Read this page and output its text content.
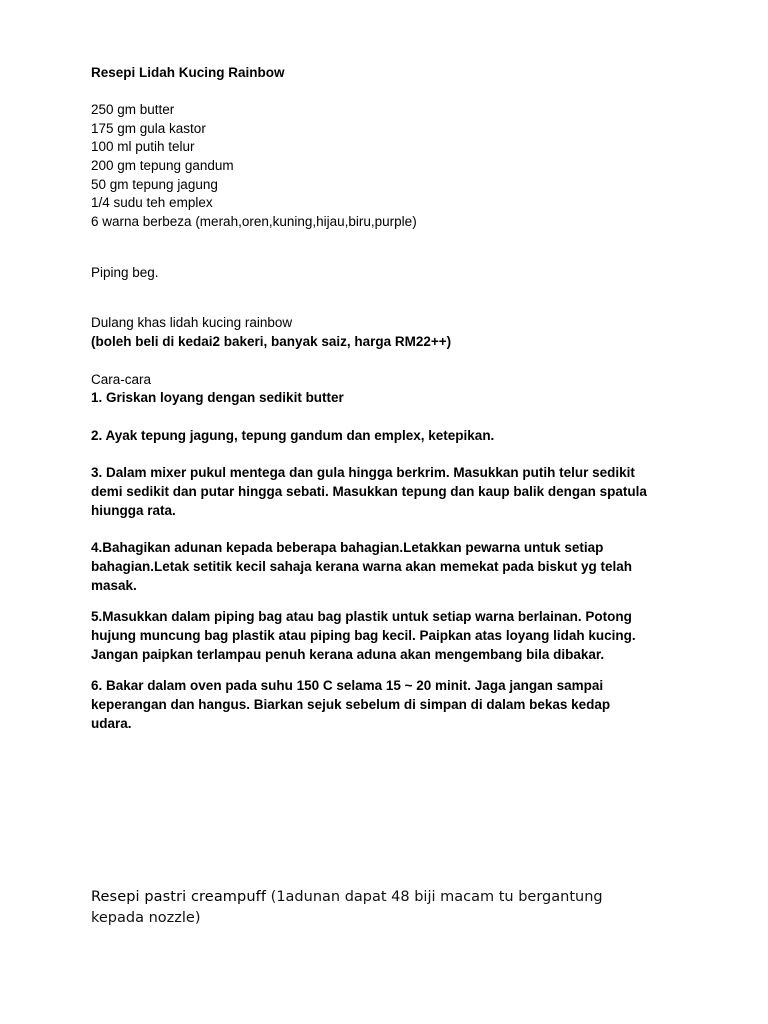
Resepi Lidah Kucing Rainbow
250 gm butter
175 gm gula kastor
100 ml putih telur
200 gm tepung gandum
50 gm tepung jagung
1/4 sudu teh emplex
6 warna berbeza (merah,oren,kuning,hijau,biru,purple)
Piping beg.
Dulang khas lidah kucing rainbow
(boleh beli di kedai2 bakeri, banyak saiz, harga RM22++)
Cara-cara
1. Griskan loyang dengan sedikit butter
2. Ayak tepung jagung, tepung gandum dan emplex, ketepikan.
3. Dalam mixer pukul mentega dan gula hingga berkrim. Masukkan putih telur sedikit demi sedikit dan putar hingga sebati. Masukkan tepung dan kaup balik dengan spatula hiungga rata.
4.Bahagikan adunan kepada beberapa bahagian.Letakkan pewarna untuk setiap bahagian.Letak setitik kecil sahaja kerana warna akan memekat pada biskut yg telah masak.
5.Masukkan dalam piping bag atau bag plastik untuk setiap warna berlainan. Potong hujung muncung bag plastik atau piping bag kecil. Paipkan atas loyang lidah kucing. Jangan paipkan terlampau penuh kerana aduna akan mengembang bila dibakar.
6. Bakar dalam oven pada suhu 150 C selama 15 ~ 20 minit. Jaga jangan sampai keperangan dan hangus. Biarkan sejuk sebelum di simpan di dalam bekas kedap udara.
Resepi pastri creampuff (1adunan dapat 48 biji macam tu bergantung kepada nozzle)
